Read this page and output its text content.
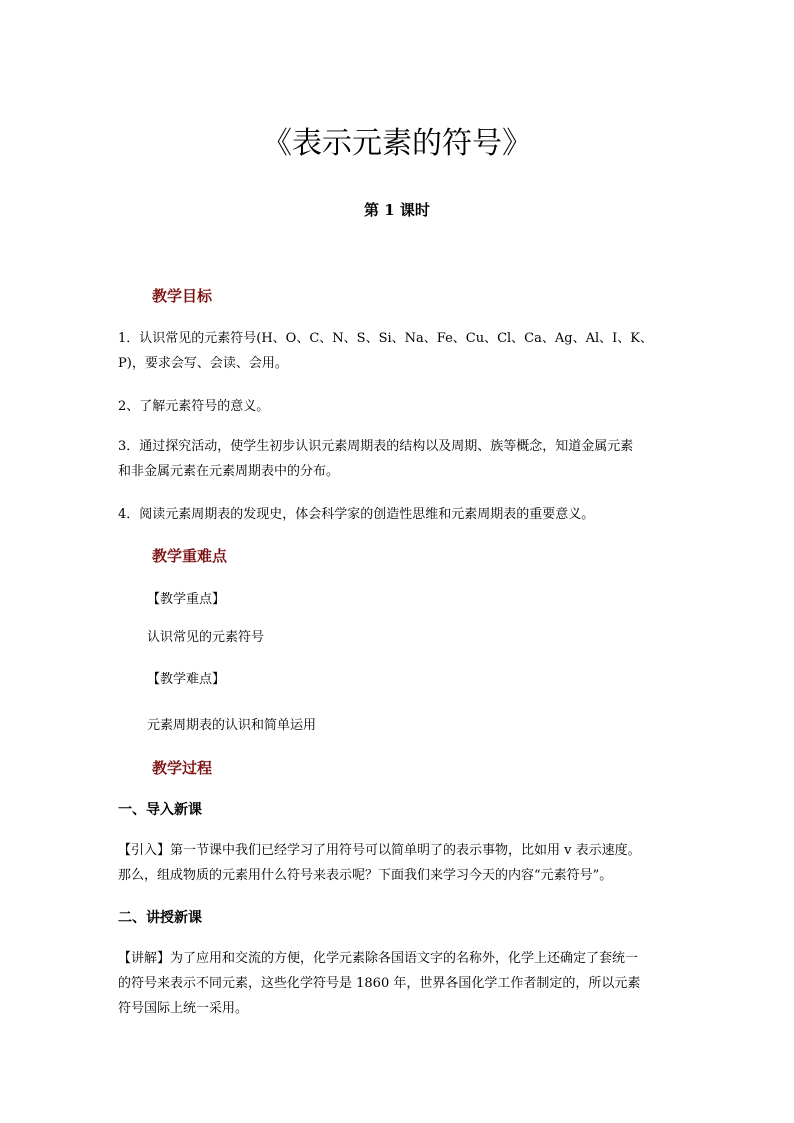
《表示元素的符号》

第 1 课时

教学目标

1．认识常见的元素符号(H、O、C、N、S、Si、Na、Fe、Cu、Cl、Ca、Ag、Al、I、K、
P)，要求会写、会读、会用。
2、了解元素符号的意义。
3．通过探究活动，使学生初步认识元素周期表的结构以及周期、族等概念，知道金属元素
和非金属元素在元素周期表中的分布。
4．阅读元素周期表的发现史，体会科学家的创造性思维和元素周期表的重要意义。

教学重难点

【教学重点】

认识常见的元素符号

【教学难点】

元素周期表的认识和简单运用

教学过程

一、导入新课

【引入】第一节课中我们已经学习了用符号可以简单明了的表示事物，比如用 v 表示速度。
那么，组成物质的元素用什么符号来表示呢？下面我们来学习今天的内容“元素符号”。

二、讲授新课

【讲解】为了应用和交流的方便，化学元素除各国语文字的名称外，化学上还确定了套统一
的符号来表示不同元素，这些化学符号是 1860 年，世界各国化学工作者制定的，所以元素
符号国际上统一采用。
